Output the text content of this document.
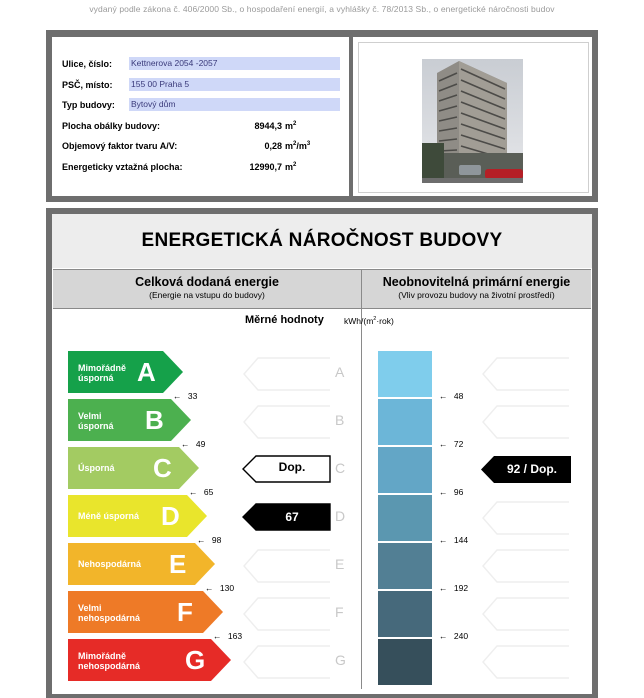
vydaný podle zákona č. 406/2000 Sb., o hospodaření energií, a vyhlášky č. 78/2013 Sb., o energetické náročnosti budov
Ulice, číslo: Kettnerova 2054 -2057
PSČ, místo: 155 00 Praha 5
Typ budovy: Bytový dům
Plocha obálky budovy:	8944,3 $m^2$
Objemový faktor tvaru A/V:	0,28 $m^2/m^3$
Energeticky vztažná plocha:	12990,7 $m^2$
ENERGETICKÁ NÁROČNOST BUDOVY
Celková dodaná energie
(Energie na vstupu do budovy)
Neobnovitelná primární energie
(Vliv provozu budovy na životní prostředí)
Měrné hodnoty kWh/$(m^2\cdot rok)$
Mimořádně
úsporná A	A
Velmi
úsporná B	B
Úsporná C	C
Méně úsporná D	D
Nehospodárná E	E
Velmi
nehospodárná F	F
Mimořádně
nehospodárná G	G
← 33
← 49
← 65
← 98
← 130
← 163
← 48
← 72
← 96
← 144
← 192
← 240
Dop.
67
92 / Dop.
